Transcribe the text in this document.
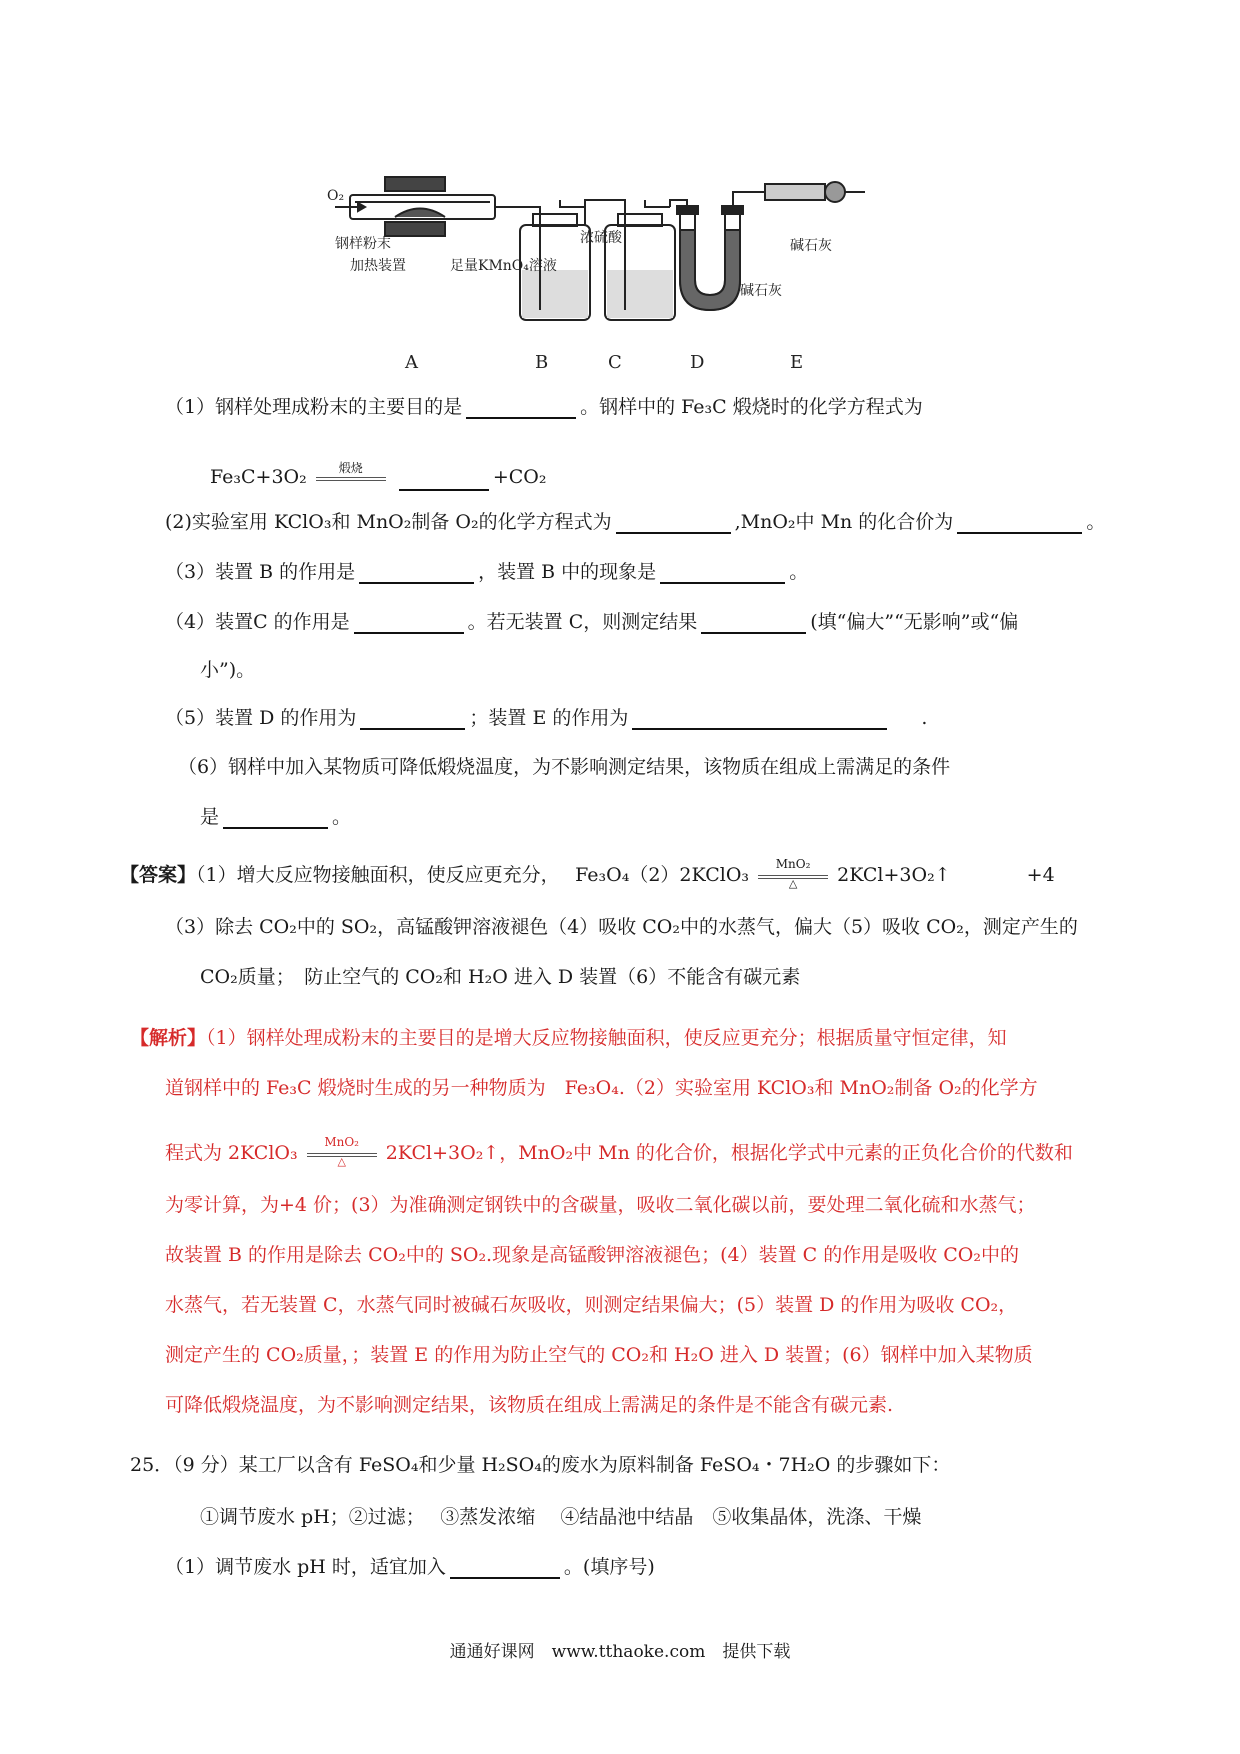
O₂
钢样粉末
加热装置	足量KMnO₄溶液
浓硫酸
碱石灰
碱石灰
A	B	C	D	E
（1）钢样处理成粉末的主要目的是	。钢样中的 Fe₃C 煅烧时的化学方程式为
Fe₃C+3O₂	煅烧	+CO₂
(2)实验室用 KClO₃和 MnO₂制备 O₂的化学方程式为	,MnO₂中 Mn 的化合价为	。
（3）装置 B 的作用是	，装置 B 中的现象是	。
（4）装置C 的作用是	。若无装置 C，则测定结果	(填“偏大”“无影响”或“偏
小”)。
（5）装置 D 的作用为	；装置 E 的作用为	.
（6）钢样中加入某物质可降低煅烧温度，为不影响测定结果，该物质在组成上需满足的条件
是	。
【答案】（1）增大反应物接触面积，使反应更充分，　 Fe₃O₄（2）2KClO₃	MnO₂
△	2KCl+3O₂↑	+4
（3）除去 CO₂中的 SO₂，高锰酸钾溶液褪色（4）吸收 CO₂中的水蒸气，偏大（5）吸收 CO₂，测定产生的
CO₂质量；　防止空气的 CO₂和 H₂O 进入 D 装置（6）不能含有碳元素
【解析】（1）钢样处理成粉末的主要目的是增大反应物接触面积，使反应更充分；根据质量守恒定律，知
道钢样中的 Fe₃C 煅烧时生成的另一种物质为　Fe₃O₄.（2）实验室用 KClO₃和 MnO₂制备 O₂的化学方
程式为 2KClO₃	MnO₂
△	2KCl+3O₂↑，MnO₂中 Mn 的化合价，根据化学式中元素的正负化合价的代数和
为零计算，为+4 价；(3）为准确测定钢铁中的含碳量，吸收二氧化碳以前，要处理二氧化硫和水蒸气；
故装置 B 的作用是除去 CO₂中的 SO₂.现象是高锰酸钾溶液褪色；(4）装置 C 的作用是吸收 CO₂中的
水蒸气，若无装置 C，水蒸气同时被碱石灰吸收，则测定结果偏大；(5）装置 D 的作用为吸收 CO₂，
测定产生的 CO₂质量，；装置 E 的作用为防止空气的 CO₂和 H₂O 进入 D 装置；(6）钢样中加入某物质
可降低煅烧温度，为不影响测定结果，该物质在组成上需满足的条件是不能含有碳元素.
25．（9 分）某工厂以含有 FeSO₄和少量 H₂SO₄的废水为原料制备 FeSO₄・7H₂O 的步骤如下：
①调节废水 pH；②过滤；　 ③蒸发浓缩　 ④结晶池中结晶　⑤收集晶体，洗涤、干燥
（1）调节废水 pH 时，适宜加入	。(填序号)
通通好课网　www.tthaoke.com　提供下载
